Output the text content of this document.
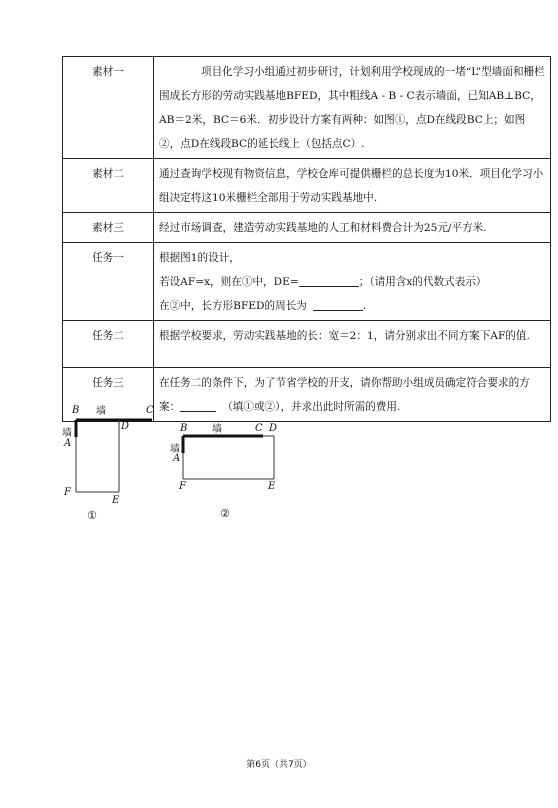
素材一	项目化学习小组通过初步研讨，计划利用学校现成的一堵“L”型墙面和栅栏围成长方形的劳动实践基地BFED，其中粗线A - B - C表示墙面，已知AB⊥BC，AB＝2米，BC＝6米．初步设计方案有两种：如图①，点D在线段BC上；如图②，点D在线段BC的延长线上（包括点C）.
素材二	通过查询学校现有物资信息，学校仓库可提供栅栏的总长度为10米．项目化学习小组决定将这10米栅栏全部用于劳动实践基地中.
素材三	经过市场调查，建造劳动实践基地的人工和材料费合计为25元/平方米.
任务一	根据图1的设计，
若设AF=x，则在①中，DE= ；（请用含x的代数式表示）
在②中，长方形BFED的周长为 .

任务二	根据学校要求，劳动实践基地的长：宽＝2：1，请分别求出不同方案下AF的值.
任务三	在任务二的条件下，为了节省学校的开支，请你帮助小组成员确定符合要求的方案： （填①或②），并求出此时所需的费用.
B 墙	C
D
墙
A
F
E
①
B 墙	C D
墙
A
F	E
②
第6页（共7页）
